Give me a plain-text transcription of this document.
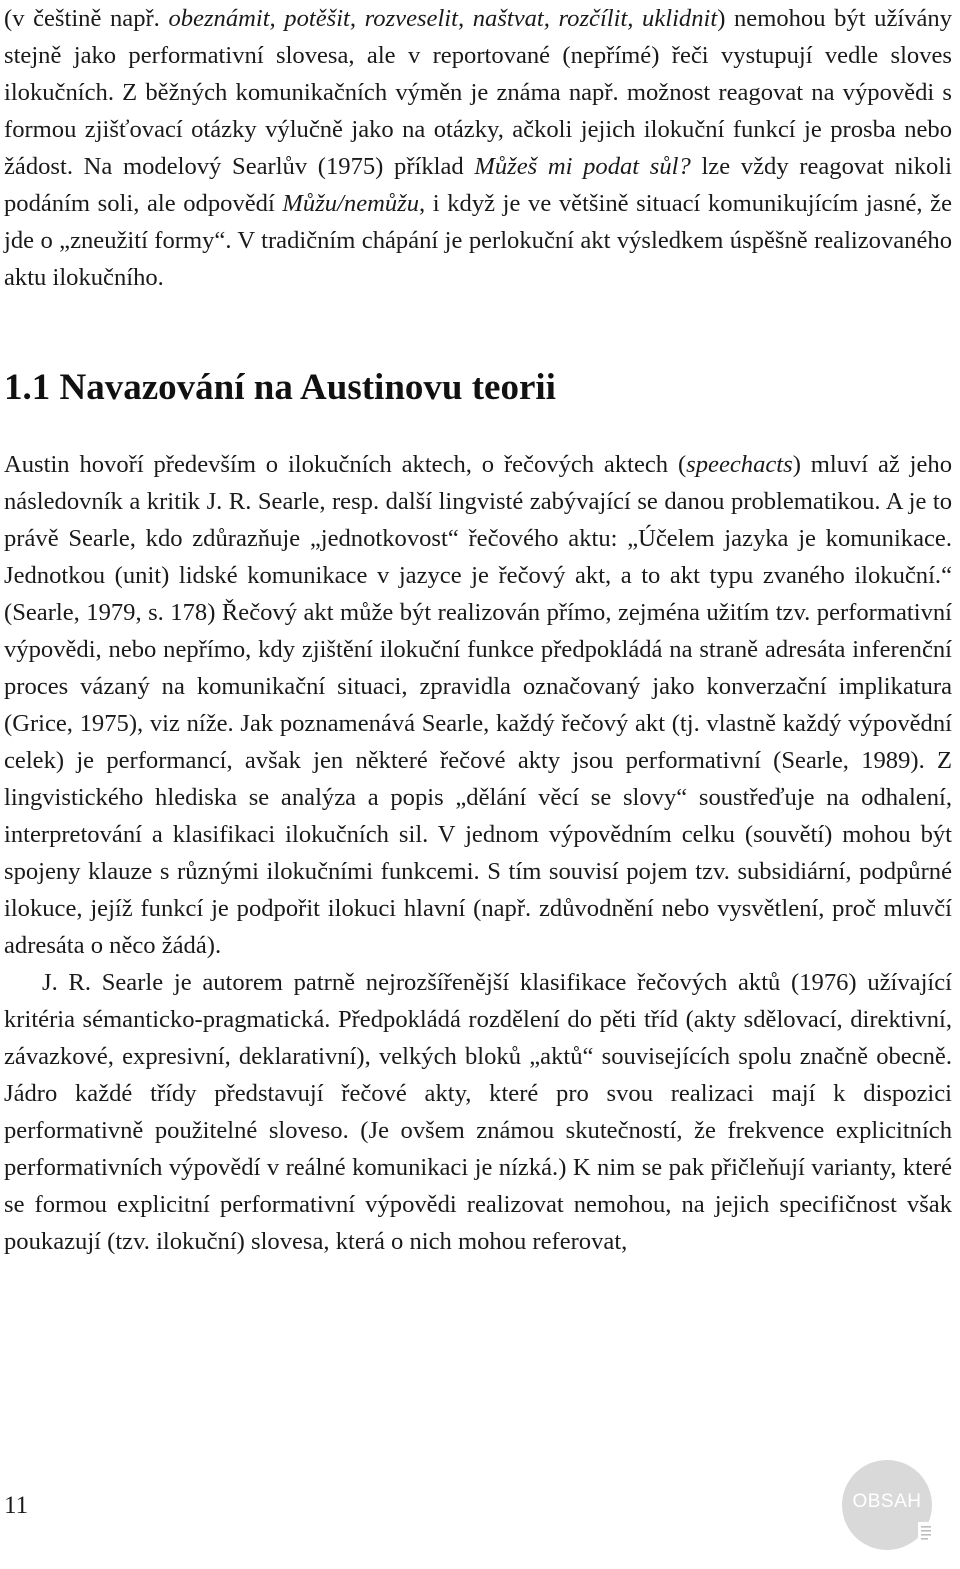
(v češtině např. obeznámit, potěšit, rozveselit, naštvat, rozčílit, uklidnit) nemohou být užívány stejně jako performativní slovesa, ale v reportované (nepřímé) řeči vystupují vedle sloves ilokučních. Z běžných komunikačních výměn je známa např. možnost reagovat na výpovědi s formou zjišťovací otázky výlučně jako na otázky, ačkoli jejich ilokuční funkcí je prosba nebo žádost. Na modelový Searlův (1975) příklad Můžeš mi podat sůl? lze vždy reagovat nikoli podáním soli, ale odpovědí Můžu/nemůžu, i když je ve většině situací komunikujícím jasné, že jde o „zneužití formy“. V tradičním chápání je perlokuční akt výsledkem úspěšně realizovaného aktu ilokučního.

1.1 Navazování na Austinovu teorii

Austin hovoří především o ilokučních aktech, o řečových aktech (speechacts) mluví až jeho následovník a kritik J. R. Searle, resp. další lingvisté zabývající se danou problematikou. A je to právě Searle, kdo zdůrazňuje „jednotkovost“ řečového aktu: „Účelem jazyka je komunikace. Jednotkou (unit) lidské komunikace v jazyce je řečový akt, a to akt typu zvaného ilokuční.“ (Searle, 1979, s. 178) Řečový akt může být realizován přímo, zejména užitím tzv. performativní výpovědi, nebo nepřímo, kdy zjištění ilokuční funkce předpokládá na straně adresáta inferenční proces vázaný na komunikační situaci, zpravidla označovaný jako konverzační implikatura (Grice, 1975), viz níže. Jak poznamenává Searle, každý řečový akt (tj. vlastně každý výpovědní celek) je performancí, avšak jen některé řečové akty jsou performativní (Searle, 1989). Z lingvistického hlediska se analýza a popis „dělání věcí se slovy“ soustřeďuje na odhalení, interpretování a klasifikaci ilokučních sil. V jednom výpovědním celku (souvětí) mohou být spojeny klauze s různými ilokučními funkcemi. S tím souvisí pojem tzv. subsidiární, podpůrné ilokuce, jejíž funkcí je podpořit ilokuci hlavní (např. zdůvodnění nebo vysvětlení, proč mluvčí adresáta o něco žádá).

J. R. Searle je autorem patrně nejrozšířenější klasifikace řečových aktů (1976) užívající kritéria sémanticko-pragmatická. Předpokládá rozdělení do pěti tříd (akty sdělovací, direktivní, závazkové, expresivní, deklarativní), velkých bloků „aktů“ souvisejících spolu značně obecně. Jádro každé třídy představují řečové akty, které pro svou realizaci mají k dispozici performativně použitelné sloveso. (Je ovšem známou skutečností, že frekvence explicitních performativních výpovědí v reálné komunikaci je nízká.) K nim se pak přičleňují varianty, které se formou explicitní performativní výpovědi realizovat nemohou, na jejich specifičnost však poukazují (tzv. ilokuční) slovesa, která o nich mohou referovat,

11	OBSAH
